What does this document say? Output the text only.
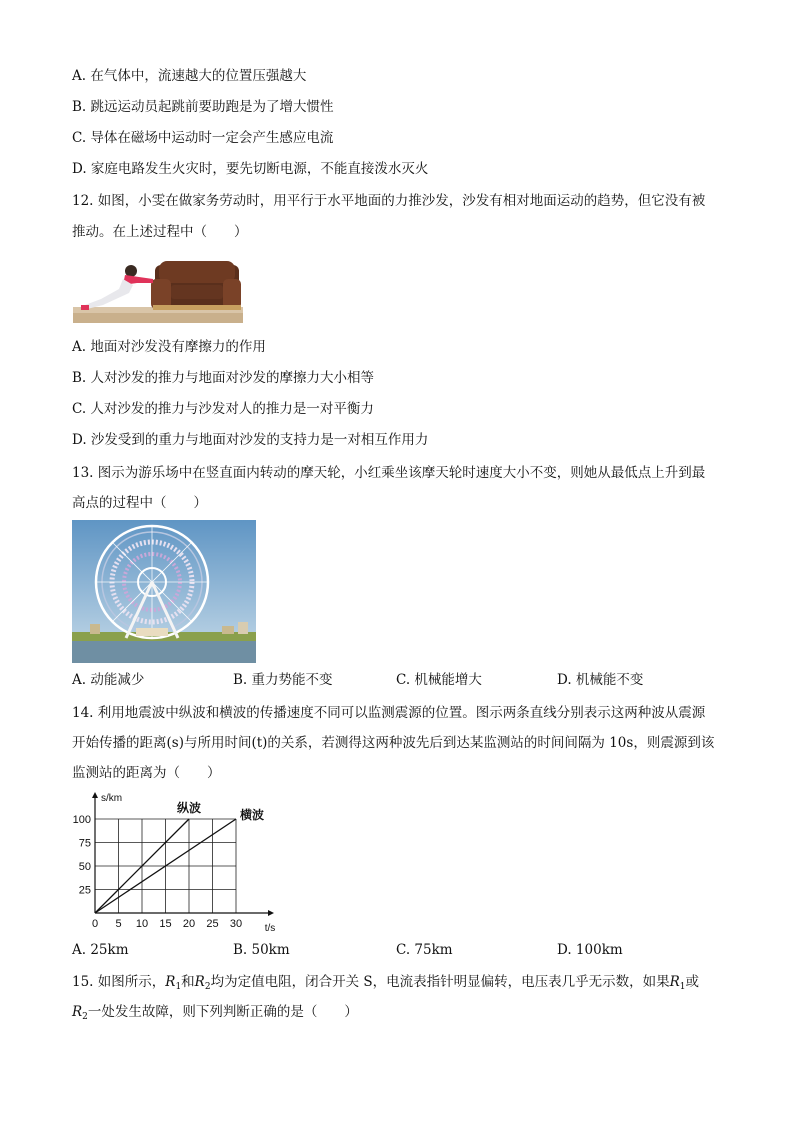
A. 在气体中，流速越大的位置压强越大
B. 跳远运动员起跳前要助跑是为了增大惯性
C. 导体在磁场中运动时一定会产生感应电流
D. 家庭电路发生火灾时，要先切断电源，不能直接泼水灭火
12. 如图，小雯在做家务劳动时，用平行于水平地面的力推沙发，沙发有相对地面运动的趋势，但它没有被
推动。在上述过程中（　　）
A. 地面对沙发没有摩擦力的作用
B. 人对沙发的推力与地面对沙发的摩擦力大小相等
C. 人对沙发的推力与沙发对人的推力是一对平衡力
D. 沙发受到的重力与地面对沙发的支持力是一对相互作用力
13. 图示为游乐场中在竖直面内转动的摩天轮，小红乘坐该摩天轮时速度大小不变，则她从最低点上升到最
高点的过程中（　　）
A. 动能减少	B. 重力势能不变	C. 机械能增大	D. 机械能不变
14. 利用地震波中纵波和横波的传播速度不同可以监测震源的位置。图示两条直线分别表示这两种波从震源
开始传播的距离(s)与所用时间(t)的关系，若测得这两种波先后到达某监测站的时间间隔为 10s，则震源到该
监测站的距离为（　　）
0 5 10 15 20 25 30
25
50
75
100
s/km
t/s
纵波	横波
A. 25km	B. 50km	C. 75km	D. 100km
15. 如图所示，$R_1$和$R_2$均为定值电阻，闭合开关 S，电流表指针明显偏转，电压表几乎无示数，如果$R_1$或
$R_2$一处发生故障，则下列判断正确的是（　　）
